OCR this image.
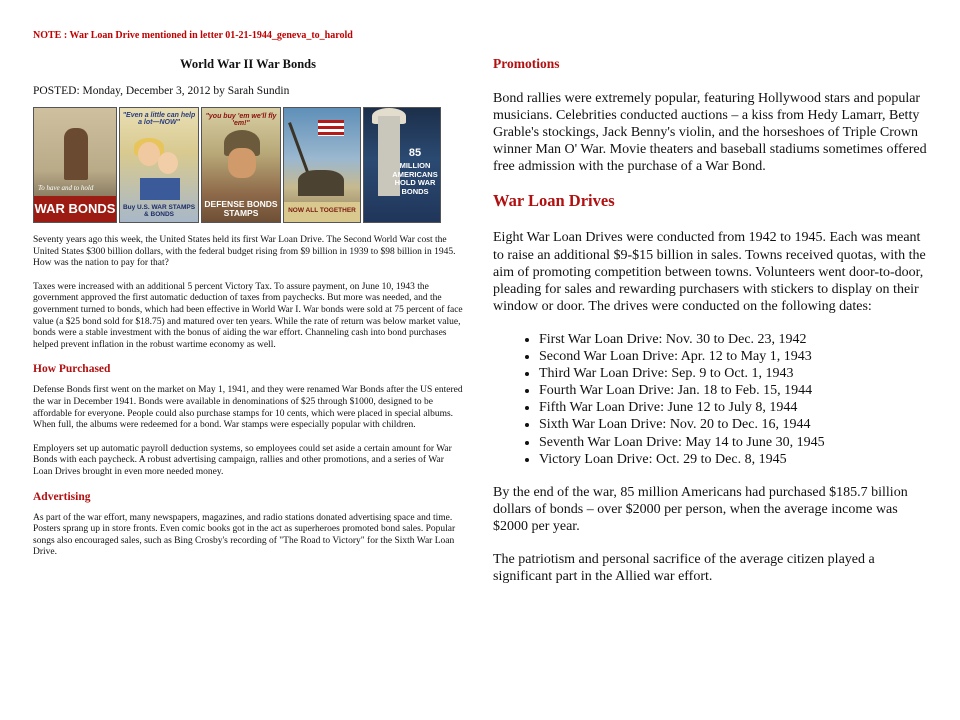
NOTE : War Loan Drive mentioned in letter 01-21-1944_geneva_to_harold

World War II War Bonds

POSTED: Monday, December 3, 2012 by Sarah Sundin

To have and to hold
WAR BONDS
"Even a little can help a lot—NOW"
Buy U.S. WAR STAMPS & BONDS
"you buy 'em we'll fly 'em!"
DEFENSE BONDS STAMPS	NOW ALL TOGETHER
85
MILLION AMERICANS HOLD WAR BONDS

Seventy years ago this week, the United States held its first War Loan Drive. The Second World War cost the United States $300 billion dollars, with the federal budget rising from $9 billion in 1939 to $98 billion in 1945. How was the nation to pay for that?

Taxes were increased with an additional 5 percent Victory Tax. To assure payment, on June 10, 1943 the government approved the first automatic deduction of taxes from paychecks. But more was needed, and the government turned to bonds, which had been effective in World War I. War bonds were sold at 75 percent of face value (a $25 bond sold for $18.75) and matured over ten years. While the rate of return was below market value, bonds were a stable investment with the bonus of aiding the war effort. Channeling cash into bond purchases helped prevent inflation in the robust wartime economy as well.

How Purchased

Defense Bonds first went on the market on May 1, 1941, and they were renamed War Bonds after the US entered the war in December 1941. Bonds were available in denominations of $25 through $1000, designed to be affordable for everyone. People could also purchase stamps for 10 cents, which were placed in special albums. When full, the albums were redeemed for a bond. War stamps were especially popular with children.

Employers set up automatic payroll deduction systems, so employees could set aside a certain amount for War Bonds with each paycheck. A robust advertising campaign, rallies and other promotions, and a series of War Loan Drives brought in even more needed money.

Advertising

As part of the war effort, many newspapers, magazines, and radio stations donated advertising space and time. Posters sprang up in store fronts. Even comic books got in the act as superheroes promoted bond sales. Popular songs also encouraged sales, such as Bing Crosby's recording of "The Road to Victory" for the Sixth War Loan Drive.

Promotions

Bond rallies were extremely popular, featuring Hollywood stars and popular musicians. Celebrities conducted auctions – a kiss from Hedy Lamarr, Betty Grable's stockings, Jack Benny's violin, and the horseshoes of Triple Crown winner Man O' War. Movie theaters and baseball stadiums sometimes offered free admission with the purchase of a War Bond.

War Loan Drives

Eight War Loan Drives were conducted from 1942 to 1945. Each was meant to raise an additional $9-$15 billion in sales. Towns received quotas, with the aim of promoting competition between towns. Volunteers went door-to-door, pleading for sales and rewarding purchasers with stickers to display on their window or door. The drives were conducted on the following dates:

• First War Loan Drive: Nov. 30 to Dec. 23, 1942
• Second War Loan Drive: Apr. 12 to May 1, 1943
• Third War Loan Drive: Sep. 9 to Oct. 1, 1943
• Fourth War Loan Drive: Jan. 18 to Feb. 15, 1944
• Fifth War Loan Drive: June 12 to July 8, 1944
• Sixth War Loan Drive: Nov. 20 to Dec. 16, 1944
• Seventh War Loan Drive: May 14 to June 30, 1945
• Victory Loan Drive: Oct. 29 to Dec. 8, 1945

By the end of the war, 85 million Americans had purchased $185.7 billion dollars of bonds – over $2000 per person, when the average income was $2000 per year.

The patriotism and personal sacrifice of the average citizen played a significant part in the Allied war effort.
